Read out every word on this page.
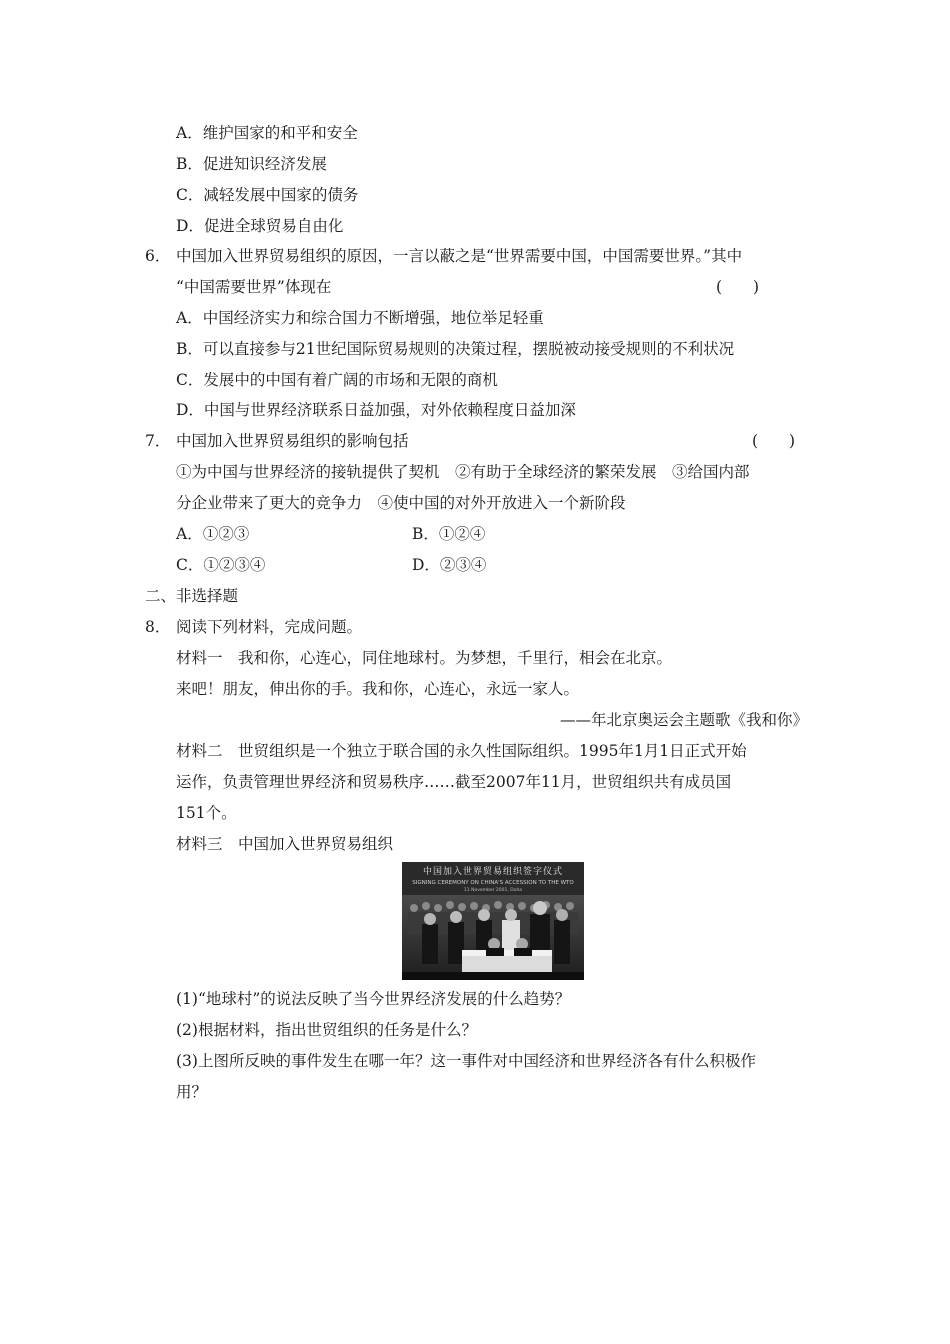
A．维护国家的和平和安全
B．促进知识经济发展
C．减轻发展中国家的债务
D．促进全球贸易自由化
6． 中国加入世界贸易组织的原因，一言以蔽之是“世界需要中国，中国需要世界。”其中
“中国需要世界”体现在	(　　)
A．中国经济实力和综合国力不断增强，地位举足轻重
B．可以直接参与21世纪国际贸易规则的决策过程，摆脱被动接受规则的不利状况
C．发展中的中国有着广阔的市场和无限的商机
D．中国与世界经济联系日益加强，对外依赖程度日益加深
7． 中国加入世界贸易组织的影响包括	(　　)
①为中国与世界经济的接轨提供了契机　②有助于全球经济的繁荣发展　③给国内部
分企业带来了更大的竞争力　④使中国的对外开放进入一个新阶段
A．①②③	B．①②④
C．①②③④	D．②③④
二、非选择题
8． 阅读下列材料，完成问题。
材料一　我和你，心连心，同住地球村。为梦想，千里行，相会在北京。
来吧！朋友，伸出你的手。我和你，心连心，永远一家人。
——年北京奥运会主题歌《我和你》
材料二　世贸组织是一个独立于联合国的永久性国际组织。1995年1月1日正式开始
运作，负责管理世界经济和贸易秩序……截至2007年11月，世贸组织共有成员国
151个。
材料三　中国加入世界贸易组织
中国加入世界贸易组织签字仪式
SIGNING CEREMONY ON CHINA'S ACCESSION TO THE WTO
11 November 2001, Doha
(1)“地球村”的说法反映了当今世界经济发展的什么趋势？
(2)根据材料，指出世贸组织的任务是什么？
(3)上图所反映的事件发生在哪一年？这一事件对中国经济和世界经济各有什么积极作
用？
